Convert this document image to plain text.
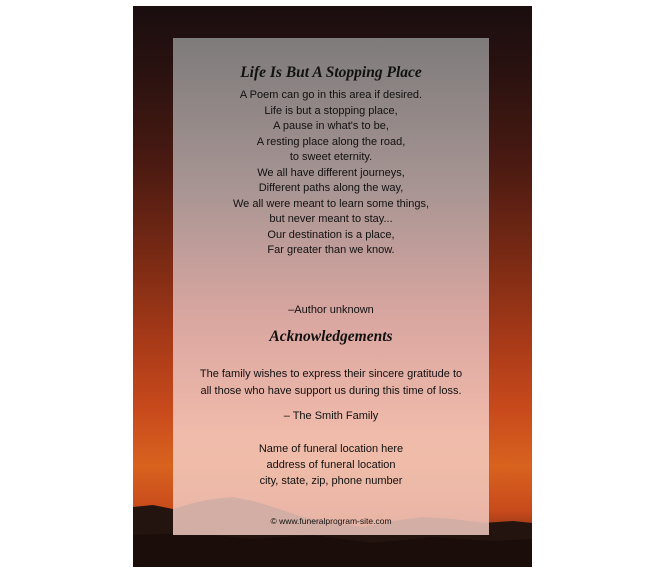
Life Is But A Stopping Place
A Poem can go in this area if desired.
Life is but a stopping place,
A pause in what's to be,
A resting place along the road,
to sweet eternity.
We all have different journeys,
Different paths along the way,
We all were meant to learn some things,
but never meant to stay...
Our destination is a place,
Far greater than we know.
–Author unknown
Acknowledgements
The family wishes to express their sincere gratitude to
all those who have support us during this time of loss.
– The Smith Family
Name of funeral location here
address of funeral location
city, state, zip, phone number
© www.funeralprogram-site.com
